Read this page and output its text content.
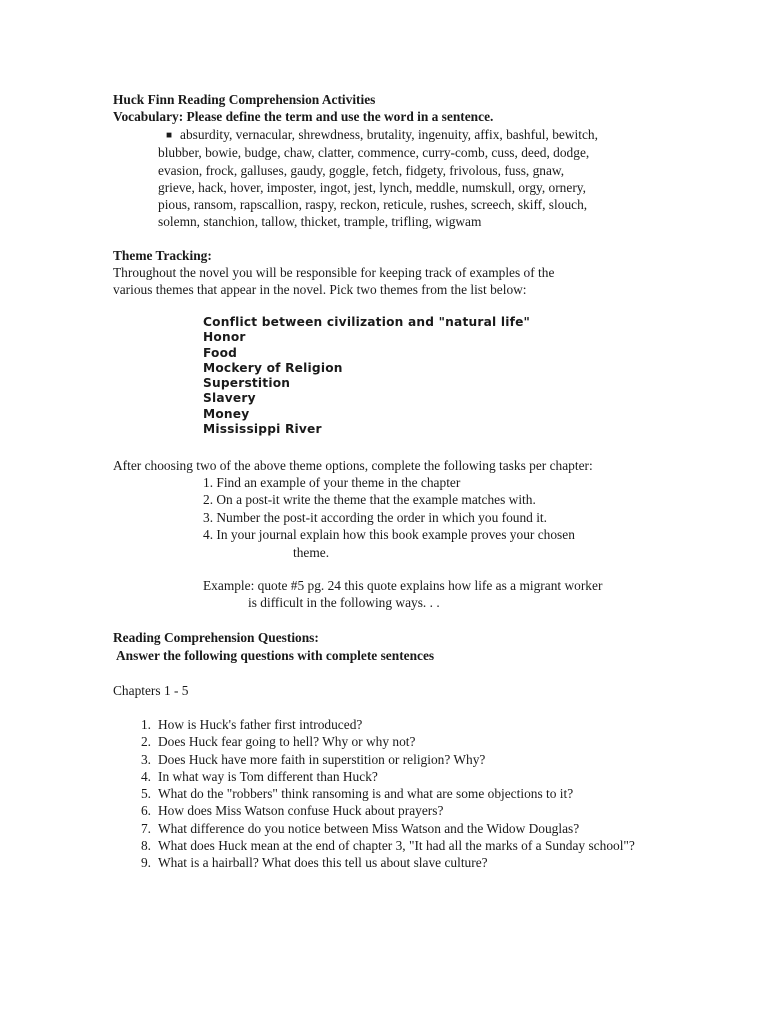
Huck Finn Reading Comprehension Activities
Vocabulary: Please define the term and use the word in a sentence.
■ absurdity, vernacular, shrewdness, brutality, ingenuity, affix, bashful, bewitch,
blubber, bowie, budge, chaw, clatter, commence, curry-comb, cuss, deed, dodge,
evasion, frock, galluses, gaudy, goggle, fetch, fidgety, frivolous, fuss, gnaw,
grieve, hack, hover, imposter, ingot, jest, lynch, meddle, numskull, orgy, ornery,
pious, ransom, rapscallion, raspy, reckon, reticule, rushes, screech, skiff, slouch,
solemn, stanchion, tallow, thicket, trample, trifling, wigwam
Theme Tracking:
Throughout the novel you will be responsible for keeping track of examples of the
various themes that appear in the novel. Pick two themes from the list below:
Conflict between civilization and "natural life"
Honor
Food
Mockery of Religion
Superstition
Slavery
Money
Mississippi River
After choosing two of the above theme options, complete the following tasks per chapter:
1. Find an example of your theme in the chapter
2. On a post-it write the theme that the example matches with.
3. Number the post-it according the order in which you found it.
4. In your journal explain how this book example proves your chosen
theme.
Example: quote #5 pg. 24 this quote explains how life as a migrant worker
is difficult in the following ways. . .
Reading Comprehension Questions:
Answer the following questions with complete sentences
Chapters 1 - 5
1. How is Huck's father first introduced?
2. Does Huck fear going to hell? Why or why not?
3. Does Huck have more faith in superstition or religion? Why?
4. In what way is Tom different than Huck?
5. What do the "robbers" think ransoming is and what are some objections to it?
6. How does Miss Watson confuse Huck about prayers?
7. What difference do you notice between Miss Watson and the Widow Douglas?
8. What does Huck mean at the end of chapter 3, "It had all the marks of a Sunday school"?
9. What is a hairball? What does this tell us about slave culture?
